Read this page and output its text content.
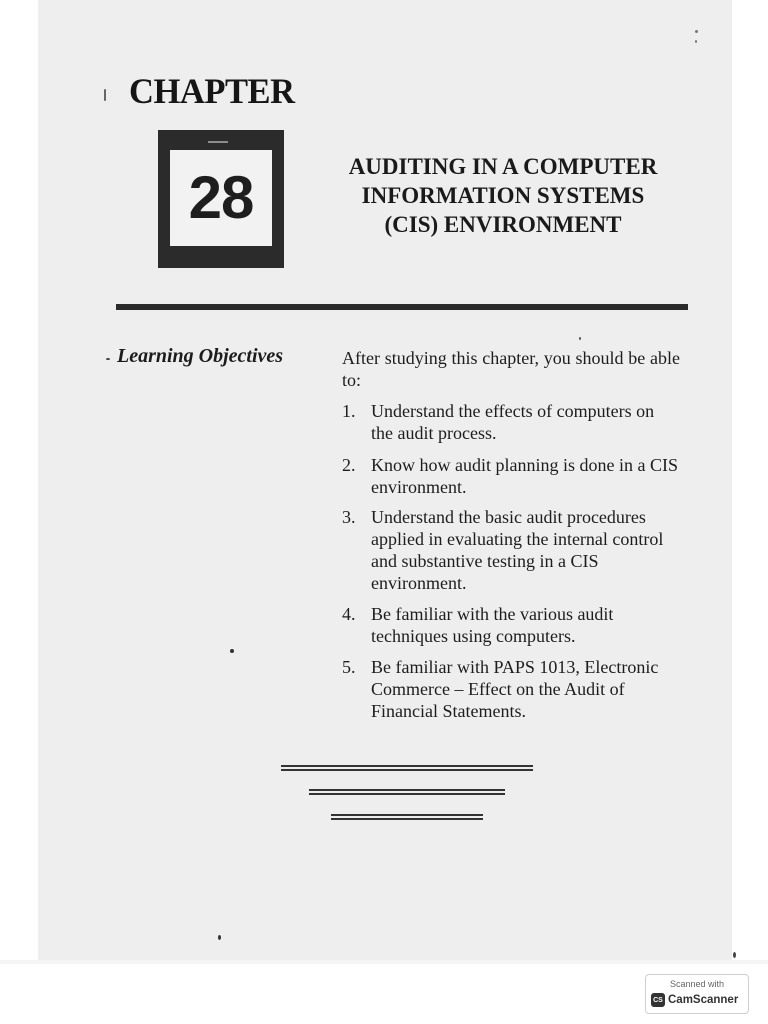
CHAPTER
28	AUDITING IN A COMPUTER
INFORMATION SYSTEMS
(CIS) ENVIRONMENT
Learning Objectives	After studying this chapter, you should be able to:

1. Understand the effects of computers on the audit process.
2. Know how audit planning is done in a CIS environment.
3. Understand the basic audit procedures applied in evaluating the internal control and substantive testing in a CIS environment.
4. Be familiar with the various audit techniques using computers.
5. Be familiar with PAPS 1013, Electronic Commerce – Effect on the Audit of Financial Statements.
Scanned with
CS CamScanner
